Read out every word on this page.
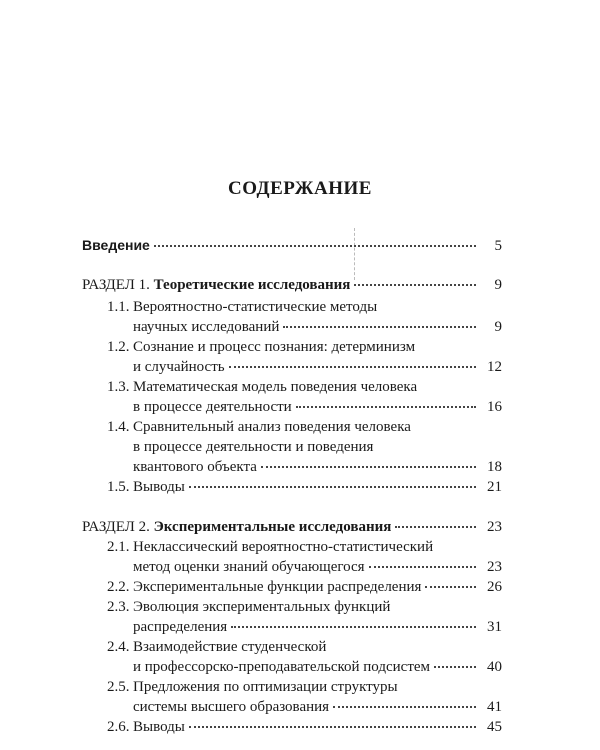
СОДЕРЖАНИЕ
Введение	5
РАЗДЕЛ 1. Теоретические исследования	9
1.1. Вероятностно-статистические методы
научных исследований	9
1.2. Сознание и процесс познания: детерминизм
и случайность	12
1.3. Математическая модель поведения человека
в процессе деятельности	16
1.4. Сравнительный анализ поведения человека
в процессе деятельности и поведения
квантового объекта	18
1.5. Выводы	21
РАЗДЕЛ 2. Экспериментальные исследования	23
2.1. Неклассический вероятностно-статистический
метод оценки знаний обучающегося	23
2.2. Экспериментальные функции распределения	26
2.3. Эволюция экспериментальных функций
распределения	31
2.4. Взаимодействие студенческой
и профессорско-преподавательской подсистем	40
2.5. Предложения по оптимизации структуры
системы высшего образования	41
2.6. Выводы	45
